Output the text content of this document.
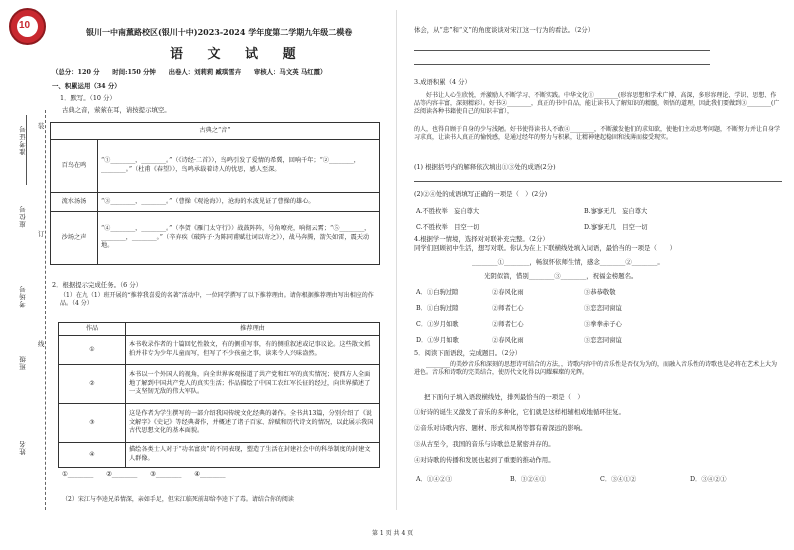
10
准考证号
座位号
考场号
班级
姓名
装
订
线
银川一中南薰路校区(银川十中)2023-2024 学年度第二学期九年级二模卷
语 文 试 题
（总分：120 分　　时间:150 分钟　　出卷人：刘莉莉 臧琪雪卉　　审核人：马文英 马红霞）
一、积累运用（34 分）
1．默写。（10 分）
古典之音，萦萦在耳，请按提示填空。
古典之“音”	
百鸟在鸣	“①________，________。”（《诗经·二首》），鸟鸣引发了爱情的希冀，回响千年；“②________，________。”（杜甫《春望》），鸟鸣承载着诗人的忧思，感人至深。
流水汤汤	“③________，________。”（曹操《观沧海》），沧海的水波见证了曹操的雄心。
沙场之声	“④________，________。”（李贺《雁门太守行》）战鼓阵阵，号角嘹亮，响彻云霄；“⑤________，________，________。”（辛弃疾《破阵子·为陈同甫赋壮词以寄之》），战马奔腾，箭矢如雷，震天动地。
2．根据提示完成任务。（6 分）
（1）在九（1）班开展的“推荐我喜爱的名著”活动中，一位同学撰写了以下推荐理由。请你根据推荐理由写出相应的作品。（4 分）
作品	推荐理由
①	本书收录作者的十篇回忆性散文，有的侧重写事，有的侧重叙述或记事议论。这些散文抓拍并非专为少年儿童而写，但写了不少孩童之事，读来令人兴味盎然。
②	本书以一个外国人的视角，向全世界客观报道了共产党和红军的真实情况；使西方人全面地了解到中国共产党人的真实生活；作品描绘了中国工农红军长征的经过，向世界描述了一支坚韧无敌的伟大军队。
③	这是作者为学生撰写的一部介绍我国传统文化经典的著作。全书共13篇，分别介绍了《说文解字》《史记》等经典著作，并概述了诸子百家、辞赋和历代诗文的情况，以此展示我国古代思想文化的基本面貌。
④	描绘各类士人对于“功名富贵”的不同表现，塑造了生活在封建社会中的科举制度的封建文人群像。
①________　　②________　　③________　　④________
（2）宋江与李逵兄弟情深，亲如手足，但宋江临死前却给李逵下了毒。请结合你的阅读
体会，从“忠”和“义”的角度谈谈对宋江这一行为的看法。（2分）
3.成语积累（4 分）
好书让人心生欣悦，并激励人不断学习、不断实践。中华文化①________(形容思想和学术广博、高深，多形容理论、学识、思想、作品等内容丰富，深刻精彩）。好书②________，真正的书中自品，能让读书人了解知识的精髓，领悟的道理，因此我们要做到③________(广泛阅读各种书籍使自己的知识丰富），
的人，也得自顾于自身的少与浅陋。好书使得读书人不敢④________，不断激发他们的求知欲，使他们主动思考问题，不断努力并让自身学习求真，让读书人真正的愉悦感，是通过经年的努力与积累，让精神建起稳固和浅薄而接受现实。
(1) 根据括号内的解释依次填出①③处的成语(2分)
(2)②④处的成语填写正确的一项是（　）(2分)
A.不胜枚举　妄自尊大	B.寥寥无几　妄自尊大
C.不胜枚举　目空一切	D.寥寥无几　目空一切
4.根据学一情境，选择对对联补充完整。（2分）
同学们回顾初中生活，想写对联。你认为在上下联横线处填入词语，最恰当的一项是（　　）
________①________，畅叙怀依师生情，感念________②________。
光阴似箭，惜别________③________，祝福金榜题名。
A．①白驹过隙	②春风化雨	③恭恭敬敬
B．①白驹过隙	②师者仁心	③恋恋同窗谊
C．①岁月如歌	②师者仁心	③拳拳赤子心
D．①岁月如歌	②春风化雨	③恋恋同窗谊
5．阅读下面语段，完成题目。（2分）
________的美妙音乐和深刻的思想诗可结合的方法，，诗歌内容中的音乐性是否仅为为的，而融入音乐性的诗歌也是必将在艺术上大为进色。音乐和诗歌的完美结合，使历代文化得以闪耀璀璨的光辉。
把下面句子填入语段横线处，排列最恰当的一项是（　）
①好诗的诞生又激发了音乐的多种化，它们就是这样相辅相成地循环往复。
②音乐对诗歌内容、题材、形式和风格等都有着深远的影响。
③从古至今，我国的音乐与诗歌总是紧密并存的。
④对诗歌的传播和发展也起到了重要的推动作用。
A．①④②③	B．③②④①	C．③④①②	D．③④②①
第 1 页 共 4 页
